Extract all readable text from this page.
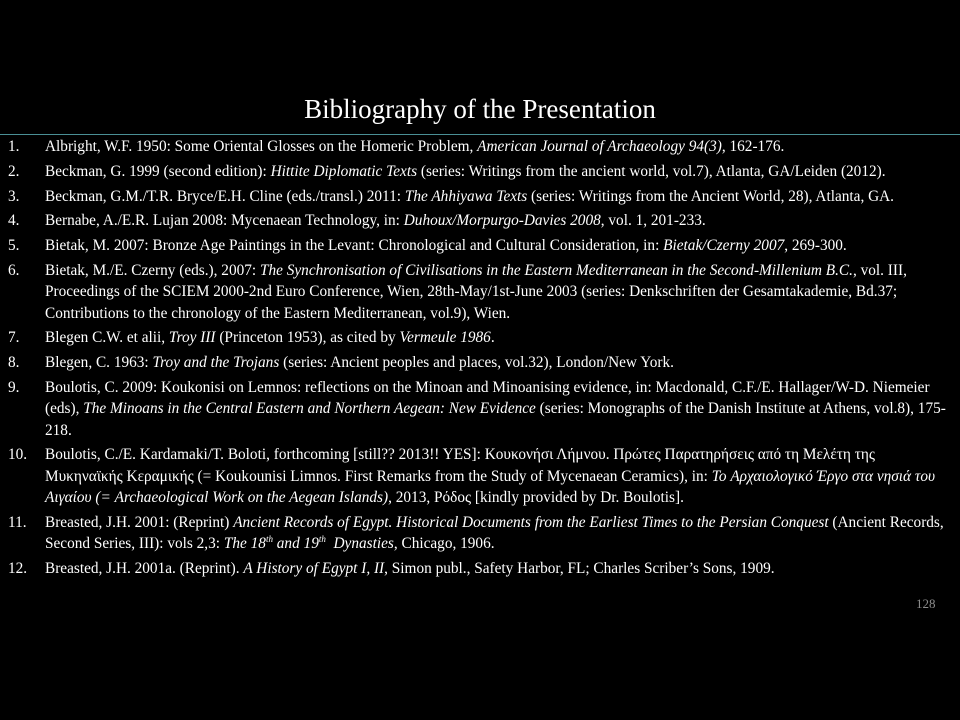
Bibliography of the Presentation
1. Albright, W.F. 1950: Some Oriental Glosses on the Homeric Problem, American Journal of Archaeology 94(3), 162-176.
2. Beckman, G. 1999 (second edition): Hittite Diplomatic Texts (series: Writings from the ancient world, vol.7), Atlanta, GA/Leiden (2012).
3. Beckman, G.M./T.R. Bryce/E.H. Cline (eds./transl.) 2011: The Ahhiyawa Texts (series: Writings from the Ancient World, 28), Atlanta, GA.
4. Bernabe, A./E.R. Lujan 2008: Mycenaean Technology, in: Duhoux/Morpurgo-Davies 2008, vol. 1, 201-233.
5. Bietak, M. 2007: Bronze Age Paintings in the Levant: Chronological and Cultural Consideration, in: Bietak/Czerny 2007, 269-300.
6. Bietak, M./E. Czerny (eds.), 2007: The Synchronisation of Civilisations in the Eastern Mediterranean in the Second-Millenium B.C., vol. III, Proceedings of the SCIEM 2000-2nd Euro Conference, Wien, 28th-May/1st-June 2003 (series: Denkschriften der Gesamtakademie, Bd.37; Contributions to the chronology of the Eastern Mediterranean, vol.9), Wien.
7. Blegen C.W. et alii, Troy III (Princeton 1953), as cited by Vermeule 1986.
8. Blegen, C. 1963: Troy and the Trojans (series: Ancient peoples and places, vol.32), London/New York.
9. Boulotis, C. 2009: Koukonisi on Lemnos: reflections on the Minoan and Minoanising evidence, in: Macdonald, C.F./E. Hallager/W-D. Niemeier (eds), The Minoans in the Central Eastern and Northern Aegean: New Evidence (series: Monographs of the Danish Institute at Athens, vol.8), 175-218.
10. Boulotis, C./E. Kardamaki/T. Boloti, forthcoming [still?? 2013!! YES]: Κουκονήσι Λήμνου. Πρώτες Παρατηρήσεις από τη Μελέτη της Μυκηναϊκής Κεραμικής (= Koukounisi Limnos. First Remarks from the Study of Mycenaean Ceramics), in: To Αρχαιολογικό Έργο στα νησιά του Αιγαίου (= Archaeological Work on the Aegean Islands), 2013, Ρόδος [kindly provided by Dr. Boulotis].
11. Breasted, J.H. 2001: (Reprint) Ancient Records of Egypt. Historical Documents from the Earliest Times to the Persian Conquest (Ancient Records, Second Series, III): vols 2,3: The 18th and 19th  Dynasties, Chicago, 1906.
12. Breasted, J.H. 2001a. (Reprint). A History of Egypt I, II, Simon publ., Safety Harbor, FL; Charles Scriber’s Sons, 1909.
128
